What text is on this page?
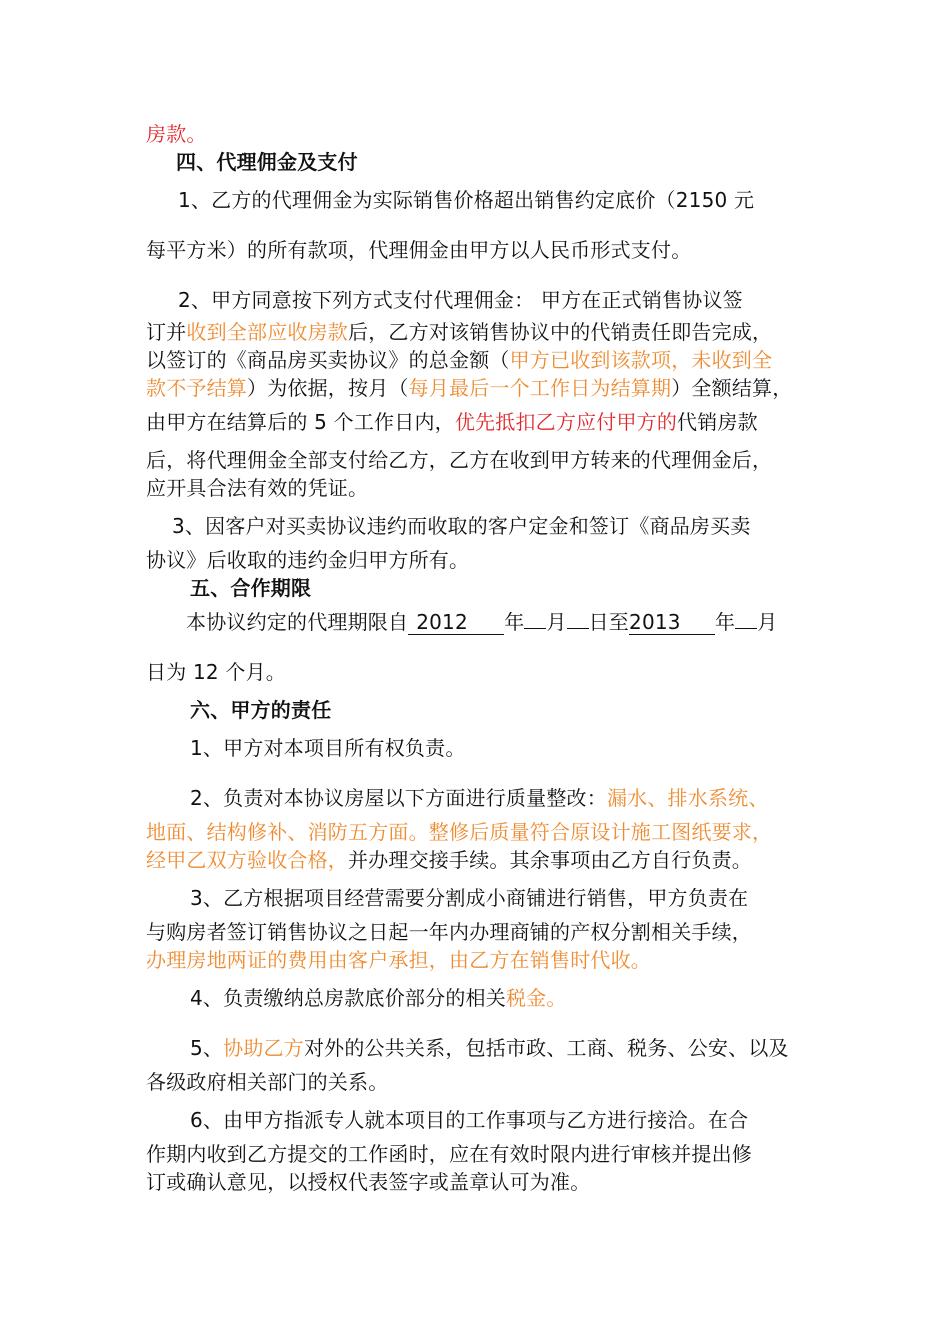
房款。
四、代理佣金及支付
1、乙方的代理佣金为实际销售价格超出销售约定底价（2150 元
每平方米）的所有款项，代理佣金由甲方以人民币形式支付。
2、甲方同意按下列方式支付代理佣金： 甲方在正式销售协议签
订并收到全部应收房款后，乙方对该销售协议中的代销责任即告完成，
以签订的《商品房买卖协议》的总金额（甲方已收到该款项，未收到全
款不予结算）为依据，按月（每月最后一个工作日为结算期）全额结算，
由甲方在结算后的 5 个工作日内，优先抵扣乙方应付甲方的代销房款
后，将代理佣金全部支付给乙方，乙方在收到甲方转来的代理佣金后，
应开具合法有效的凭证。
3、因客户对买卖协议违约而收取的客户定金和签订《商品房买卖
协议》后收取的违约金归甲方所有。
五、合作期限
本协议约定的代理期限自 2012 年 月 日至2013 年 月
日为 12 个月。
六、甲方的责任
1、甲方对本项目所有权负责。
2、负责对本协议房屋以下方面进行质量整改：漏水、排水系统、
地面、结构修补、消防五方面。整修后质量符合原设计施工图纸要求，
经甲乙双方验收合格，并办理交接手续。其余事项由乙方自行负责。
3、乙方根据项目经营需要分割成小商铺进行销售，甲方负责在
与购房者签订销售协议之日起一年内办理商铺的产权分割相关手续，
办理房地两证的费用由客户承担，由乙方在销售时代收。
4、负责缴纳总房款底价部分的相关税金。
5、协助乙方对外的公共关系，包括市政、工商、税务、公安、以及
各级政府相关部门的关系。
6、由甲方指派专人就本项目的工作事项与乙方进行接洽。在合
作期内收到乙方提交的工作函时，应在有效时限内进行审核并提出修
订或确认意见，以授权代表签字或盖章认可为准。
